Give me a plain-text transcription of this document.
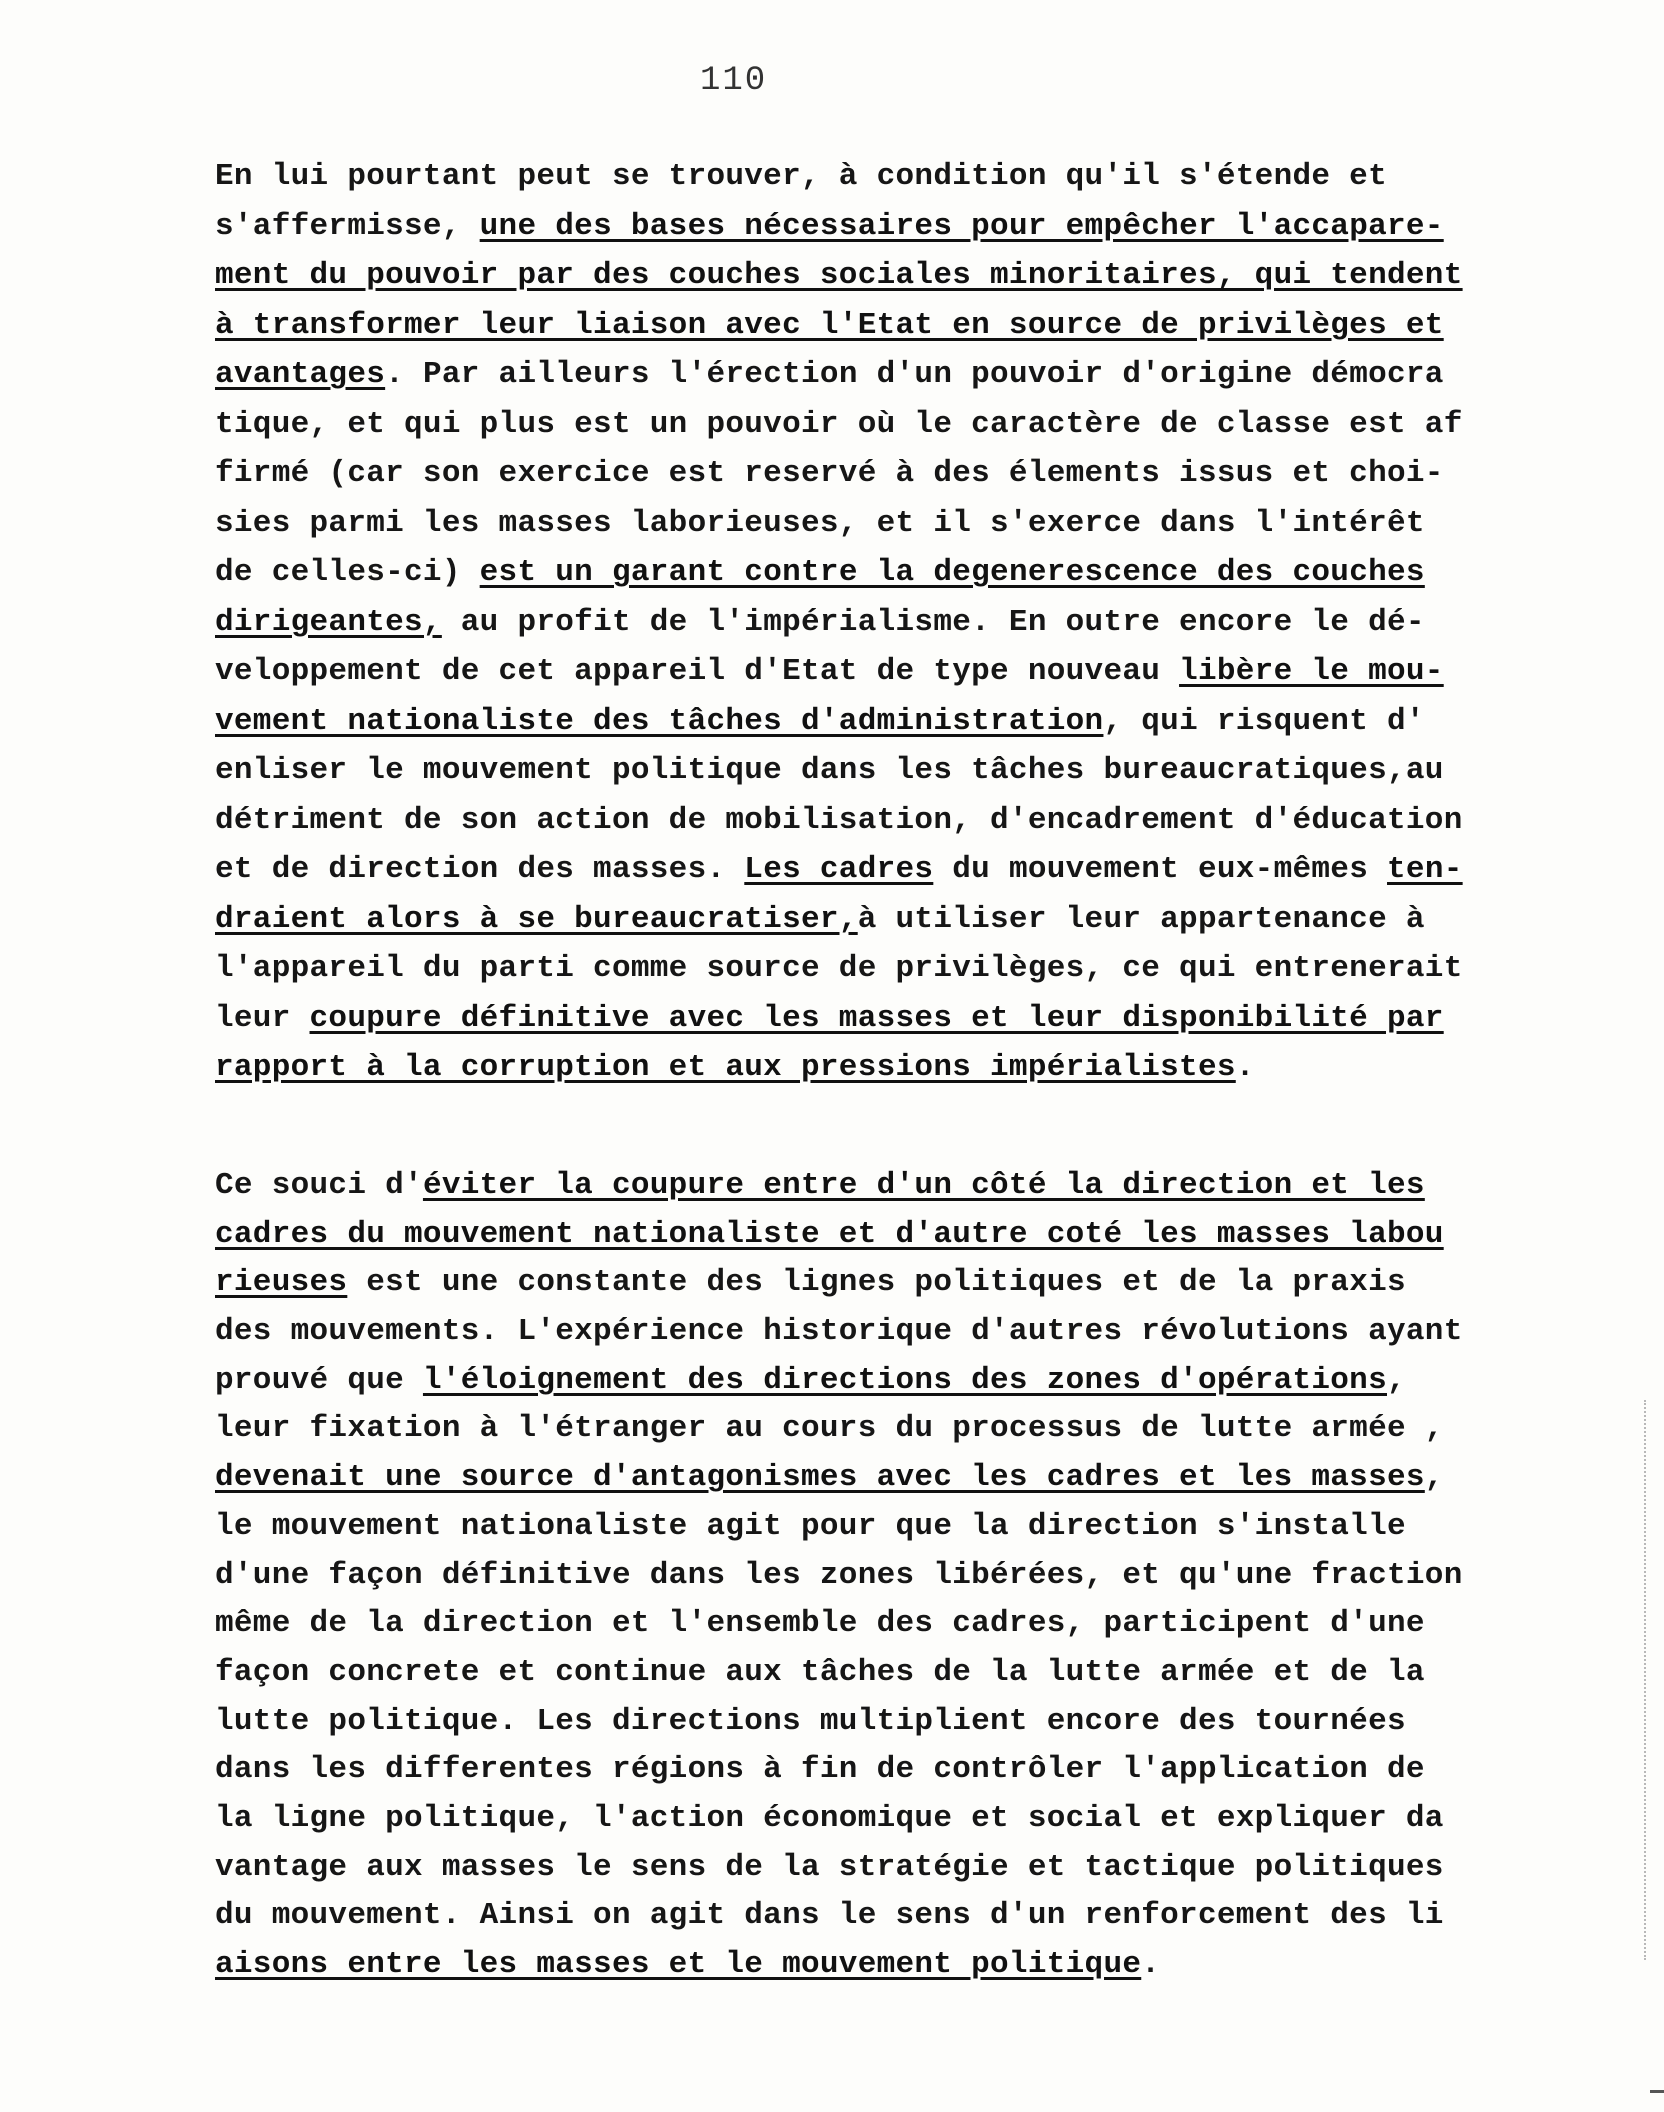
110
En lui pourtant peut se trouver, à condition qu'il s'étende et
s'affermisse, une des bases nécessaires pour empêcher l'accapare-
ment du pouvoir par des couches sociales minoritaires, qui tendent
à transformer leur liaison avec l'Etat en source de privilèges et
avantages. Par ailleurs l'érection d'un pouvoir d'origine démocra
tique, et qui plus est un pouvoir où le caractère de classe est af
firmé (car son exercice est reservé à des élements issus et choi-
sies parmi les masses laborieuses, et il s'exerce dans l'intérêt
de celles-ci) est un garant contre la degenerescence des couches
dirigeantes, au profit de l'impérialisme. En outre encore le dé-
veloppement de cet appareil d'Etat de type nouveau libère le mou-
vement nationaliste des tâches d'administration, qui risquent d'
enliser le mouvement politique dans les tâches bureaucratiques,au
détriment de son action de mobilisation, d'encadrement d'éducation
et de direction des masses. Les cadres du mouvement eux-mêmes ten-
draient alors à se bureaucratiser,à utiliser leur appartenance à
l'appareil du parti comme source de privilèges, ce qui entrenerait
leur coupure définitive avec les masses et leur disponibilité par
rapport à la corruption et aux pressions impérialistes.
Ce souci d'éviter la coupure entre d'un côté la direction et les
cadres du mouvement nationaliste et d'autre coté les masses labou
rieuses est une constante des lignes politiques et de la praxis
des mouvements. L'expérience historique d'autres révolutions ayant
prouvé que l'éloignement des directions des zones d'opérations,
leur fixation à l'étranger au cours du processus de lutte armée ,
devenait une source d'antagonismes avec les cadres et les masses,
le mouvement nationaliste agit pour que la direction s'installe
d'une façon définitive dans les zones libérées, et qu'une fraction
même de la direction et l'ensemble des cadres, participent d'une
façon concrete et continue aux tâches de la lutte armée et de la
lutte politique. Les directions multiplient encore des tournées
dans les differentes régions à fin de contrôler l'application de
la ligne politique, l'action économique et social et expliquer da
vantage aux masses le sens de la stratégie et tactique politiques
du mouvement. Ainsi on agit dans le sens d'un renforcement des li
aisons entre les masses et le mouvement politique.
